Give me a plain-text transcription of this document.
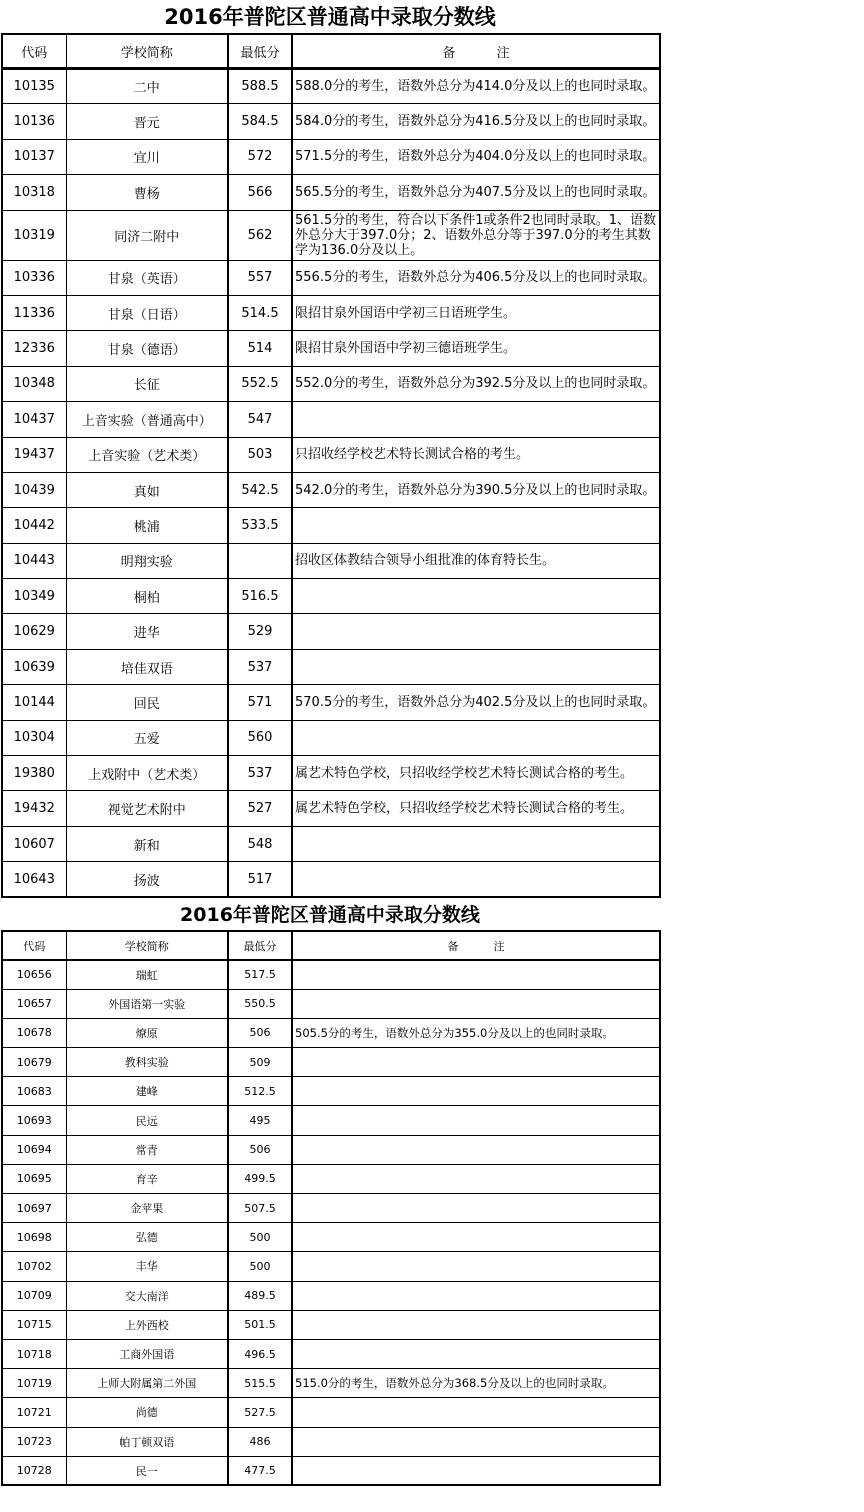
2016年普陀区普通高中录取分数线
代码	学校简称	最低分	备          注
10135	二中	588.5	588.0分的考生，语数外总分为414.0分及以上的也同时录取。
10136	晋元	584.5	584.0分的考生，语数外总分为416.5分及以上的也同时录取。
10137	宜川	572	571.5分的考生，语数外总分为404.0分及以上的也同时录取。
10318	曹杨	566	565.5分的考生，语数外总分为407.5分及以上的也同时录取。
10319	同济二附中	562	561.5分的考生，符合以下条件1或条件2也同时录取。1、语数外总分大于397.0分；2、语数外总分等于397.0分的考生其数学为136.0分及以上。
10336	甘泉（英语）	557	556.5分的考生，语数外总分为406.5分及以上的也同时录取。
11336	甘泉（日语）	514.5	限招甘泉外国语中学初三日语班学生。
12336	甘泉（德语）	514	限招甘泉外国语中学初三德语班学生。
10348	长征	552.5	552.0分的考生，语数外总分为392.5分及以上的也同时录取。
10437	上音实验（普通高中）	547	
19437	上音实验（艺术类）	503	只招收经学校艺术特长测试合格的考生。
10439	真如	542.5	542.0分的考生，语数外总分为390.5分及以上的也同时录取。
10442	桃浦	533.5	
10443	明翔实验		招收区体教结合领导小组批准的体育特长生。
10349	桐柏	516.5	
10629	进华	529	
10639	培佳双语	537	
10144	回民	571	570.5分的考生，语数外总分为402.5分及以上的也同时录取。
10304	五爱	560	
19380	上戏附中（艺术类）	537	属艺术特色学校，只招收经学校艺术特长测试合格的考生。
19432	视觉艺术附中	527	属艺术特色学校，只招收经学校艺术特长测试合格的考生。
10607	新和	548	
10643	扬波	517	
2016年普陀区普通高中录取分数线
代码	学校简称	最低分	备          注
10656	瑞虹	517.5	
10657	外国语第一实验	550.5	
10678	燎原	506	505.5分的考生，语数外总分为355.0分及以上的也同时录取。
10679	教科实验	509	
10683	建峰	512.5	
10693	民远	495	
10694	常青	506	
10695	育辛	499.5	
10697	金苹果	507.5	
10698	弘德	500	
10702	丰华	500	
10709	交大南洋	489.5	
10715	上外西校	501.5	
10718	工商外国语	496.5	
10719	上师大附属第二外国	515.5	515.0分的考生，语数外总分为368.5分及以上的也同时录取。
10721	尚德	527.5	
10723	帕丁顿双语	486	
10728	民一	477.5	
